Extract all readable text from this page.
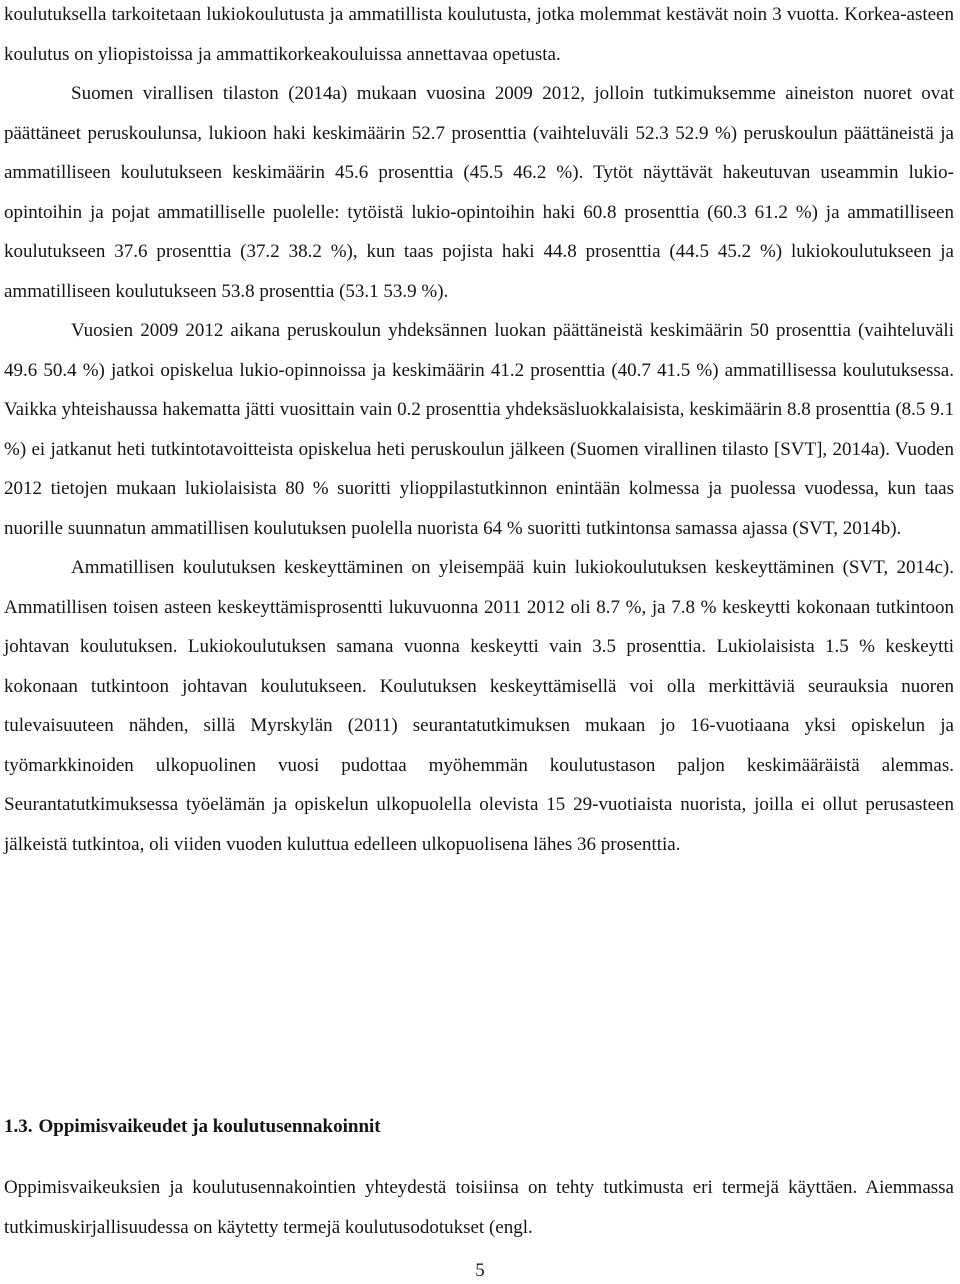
koulutuksella tarkoitetaan lukiokoulutusta ja ammatillista koulutusta, jotka molemmat kestävät noin 3 vuotta. Korkea-asteen koulutus on yliopistoissa ja ammattikorkeakouluissa annettavaa opetusta.

Suomen virallisen tilaston (2014a) mukaan vuosina 2009 2012, jolloin tutkimuksemme aineiston nuoret ovat päättäneet peruskoulunsa, lukioon haki keskimäärin 52.7 prosenttia (vaihteluväli 52.3 52.9 %) peruskoulun päättäneistä ja ammatilliseen koulutukseen keskimäärin 45.6 prosenttia (45.5 46.2 %). Tytöt näyttävät hakeutuvan useammin lukio-opintoihin ja pojat ammatilliselle puolelle: tytöistä lukio-opintoihin haki 60.8 prosenttia (60.3 61.2 %) ja ammatilliseen koulutukseen 37.6 prosenttia (37.2 38.2 %), kun taas pojista haki 44.8 prosenttia (44.5 45.2 %) lukiokoulutukseen ja ammatilliseen koulutukseen 53.8 prosenttia (53.1 53.9 %).

Vuosien 2009 2012 aikana peruskoulun yhdeksännen luokan päättäneistä keskimäärin 50 prosenttia (vaihteluväli 49.6 50.4 %) jatkoi opiskelua lukio-opinnoissa ja keskimäärin 41.2 prosenttia (40.7 41.5 %) ammatillisessa koulutuksessa. Vaikka yhteishaussa hakematta jätti vuosittain vain 0.2 prosenttia yhdeksäsluokkalaisista, keskimäärin 8.8 prosenttia (8.5 9.1 %) ei jatkanut heti tutkintotavoitteista opiskelua heti peruskoulun jälkeen (Suomen virallinen tilasto [SVT], 2014a). Vuoden 2012 tietojen mukaan lukiolaisista 80 % suoritti ylioppilastutkinnon enintään kolmessa ja puolessa vuodessa, kun taas nuorille suunnatun ammatillisen koulutuksen puolella nuorista 64 % suoritti tutkintonsa samassa ajassa (SVT, 2014b).

Ammatillisen koulutuksen keskeyttäminen on yleisempää kuin lukiokoulutuksen keskeyttäminen (SVT, 2014c). Ammatillisen toisen asteen keskeyttämisprosentti lukuvuonna 2011 2012 oli 8.7 %, ja 7.8 % keskeytti kokonaan tutkintoon johtavan koulutuksen. Lukiokoulutuksen samana vuonna keskeytti vain 3.5 prosenttia. Lukiolaisista 1.5 % keskeytti kokonaan tutkintoon johtavan koulutukseen. Koulutuksen keskeyttämisellä voi olla merkittäviä seurauksia nuoren tulevaisuuteen nähden, sillä Myrskylän (2011) seurantatutkimuksen mukaan jo 16-vuotiaana yksi opiskelun ja työmarkkinoiden ulkopuolinen vuosi pudottaa myöhemmän koulutustason paljon keskimääräistä alemmas. Seurantatutkimuksessa työelämän ja opiskelun ulkopuolella olevista 15 29-vuotiaista nuorista, joilla ei ollut perusasteen jälkeistä tutkintoa, oli viiden vuoden kuluttua edelleen ulkopuolisena lähes 36 prosenttia.

1.3. Oppimisvaikeudet ja koulutusennakoinnit

Oppimisvaikeuksien ja koulutusennakointien yhteydestä toisiinsa on tehty tutkimusta eri termejä käyttäen. Aiemmassa tutkimuskirjallisuudessa on käytetty termejä koulutusodotukset (engl.

5
